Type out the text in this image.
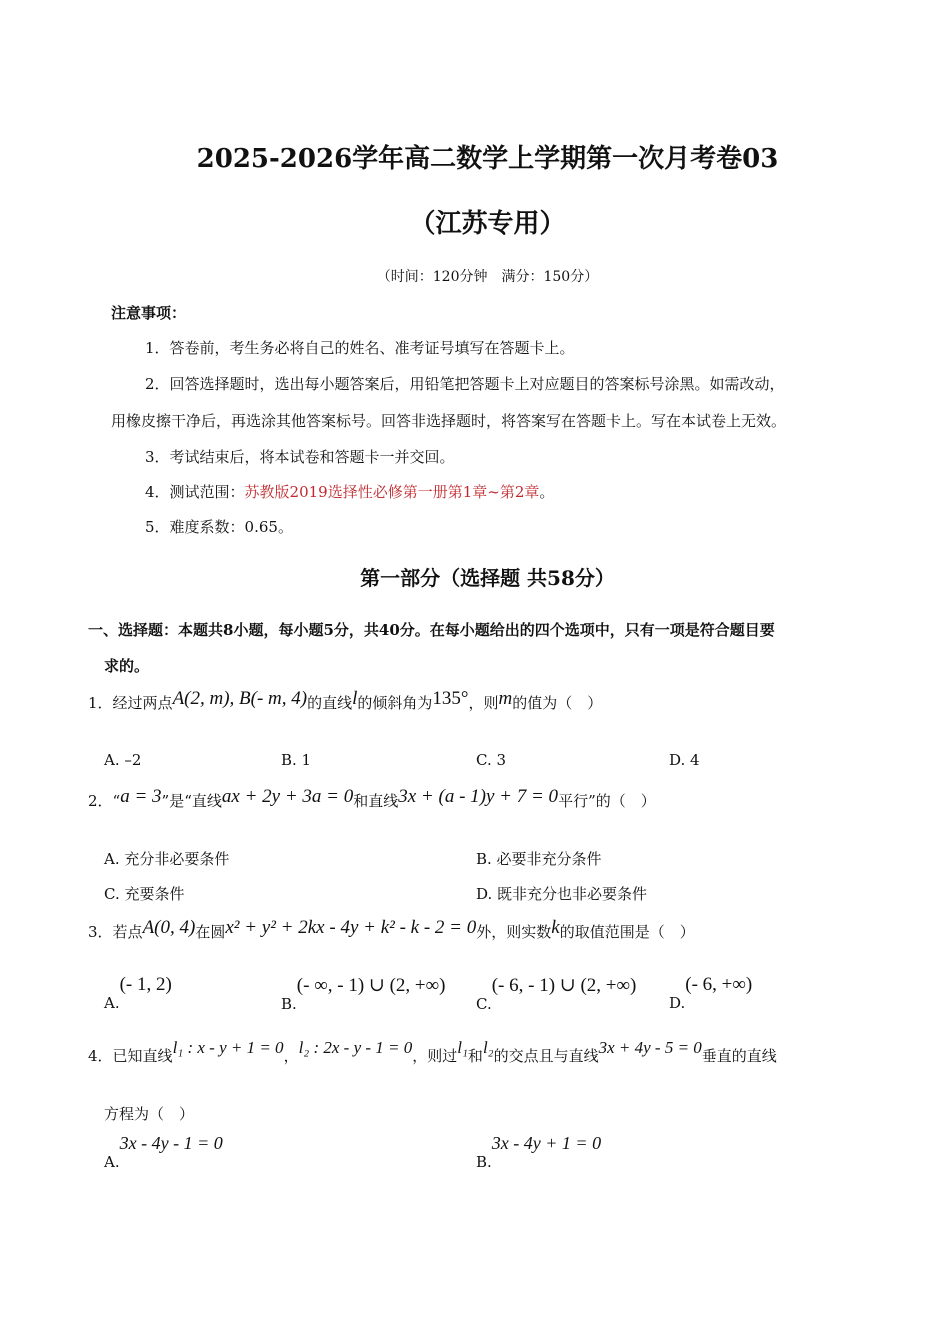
2025-2026学年高二数学上学期第一次月考卷03
（江苏专用）
（时间：120分钟　满分：150分）
注意事项：
1．答卷前，考生务必将自己的姓名、准考证号填写在答题卡上。
2．回答选择题时，选出每小题答案后，用铅笔把答题卡上对应题目的答案标号涂黑。如需改动，
用橡皮擦干净后，再选涂其他答案标号。回答非选择题时，将答案写在答题卡上。写在本试卷上无效。
3．考试结束后，将本试卷和答题卡一并交回。
4．测试范围：苏教版2019选择性必修第一册第1章~第2章。
5．难度系数：0.65。
第一部分（选择题 共58分）
一、选择题：本题共8小题，每小题5分，共40分。在每小题给出的四个选项中，只有一项是符合题目要
求的。
1．经过两点A(2, m), B(- m, 4)的直线l的倾斜角为135°，则m的值为（　）
A. –2	B. 1	C. 3	D. 4
2．“a = 3”是“直线ax + 2y + 3a = 0和直线3x + (a - 1)y + 7 = 0平行”的（　）
A. 充分非必要条件	B. 必要非充分条件
C. 充要条件	D. 既非充分也非必要条件
3．若点A(0, 4)在圆x² + y² + 2kx - 4y + k² - k - 2 = 0外，则实数k的取值范围是（　）
A.(- 1, 2)
B.(- ∞, - 1) ∪ (2, +∞)
C.(- 6, - 1) ∪ (2, +∞)
D.(- 6, +∞)
4．已知直线l₁ : x - y + 1 = 0，l₂ : 2x - y - 1 = 0，则过l₁和l₂的交点且与直线3x + 4y - 5 = 0垂直的直线
方程为（　）
A.3x - 4y - 1 = 0
B.3x - 4y + 1 = 0
